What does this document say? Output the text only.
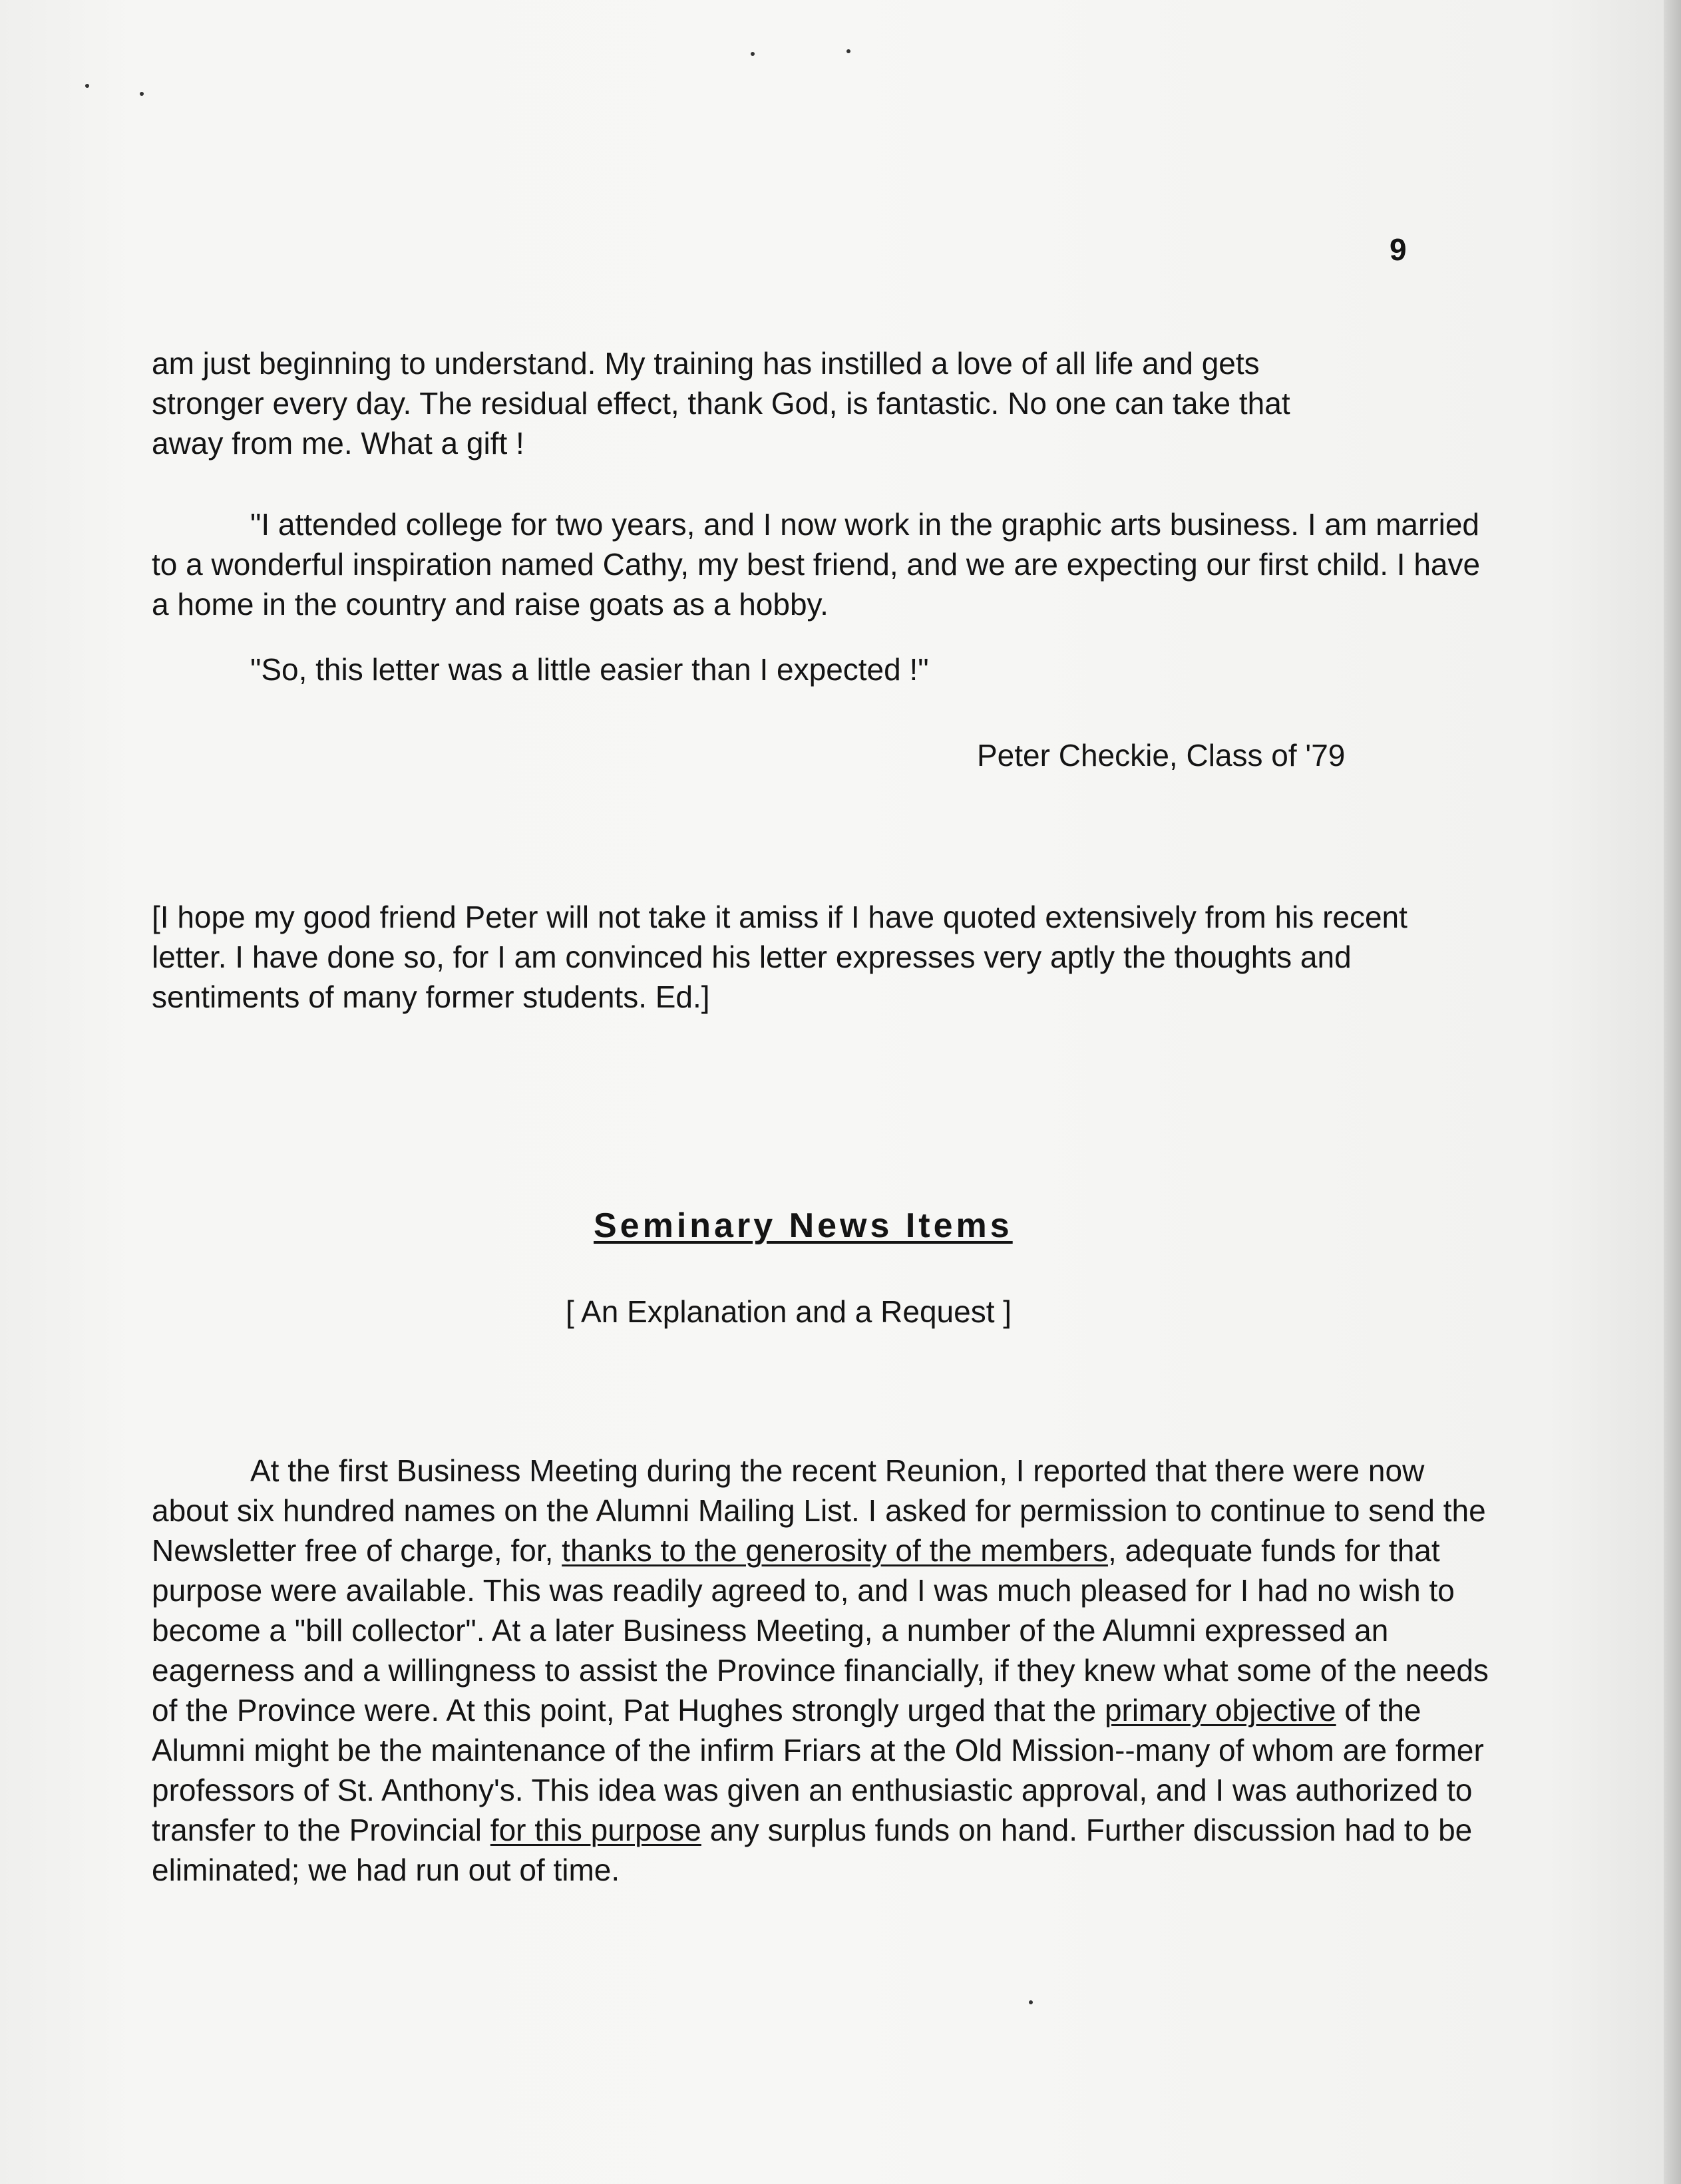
9

am just beginning to understand. My training has instilled a love of all life and gets

stronger every day. The residual effect, thank God, is fantastic. No one can take that

away from me. What a gift !

"I attended college for two years, and I now work in the graphic arts business. I am married to a wonderful inspiration named Cathy, my best friend, and we are expecting our first child. I have a home in the country and raise goats as a hobby.

"So, this letter was a little easier than I expected !"

Peter Checkie, Class of '79

[I hope my good friend Peter will not take it amiss if I have quoted extensively from his recent letter. I have done so, for I am convinced his letter expresses very aptly the thoughts and sentiments of many former students. Ed.]

Seminary News Items
[ An Explanation and a Request ]

At the first Business Meeting during the recent Reunion, I reported that there were now about six hundred names on the Alumni Mailing List. I asked for permission to continue to send the Newsletter free of charge, for, thanks to the generosity of the members, adequate funds for that purpose were available. This was readily agreed to, and I was much pleased for I had no wish to become a "bill collector". At a later Business Meeting, a number of the Alumni expressed an eagerness and a willingness to assist the Province financially, if they knew what some of the needs of the Province were. At this point, Pat Hughes strongly urged that the primary objective of the Alumni might be the maintenance of the infirm Friars at the Old Mission--many of whom are former professors of St. Anthony's. This idea was given an enthusiastic approval, and I was authorized to transfer to the Provincial for this purpose any surplus funds on hand. Further discussion had to be eliminated; we had run out of time.
